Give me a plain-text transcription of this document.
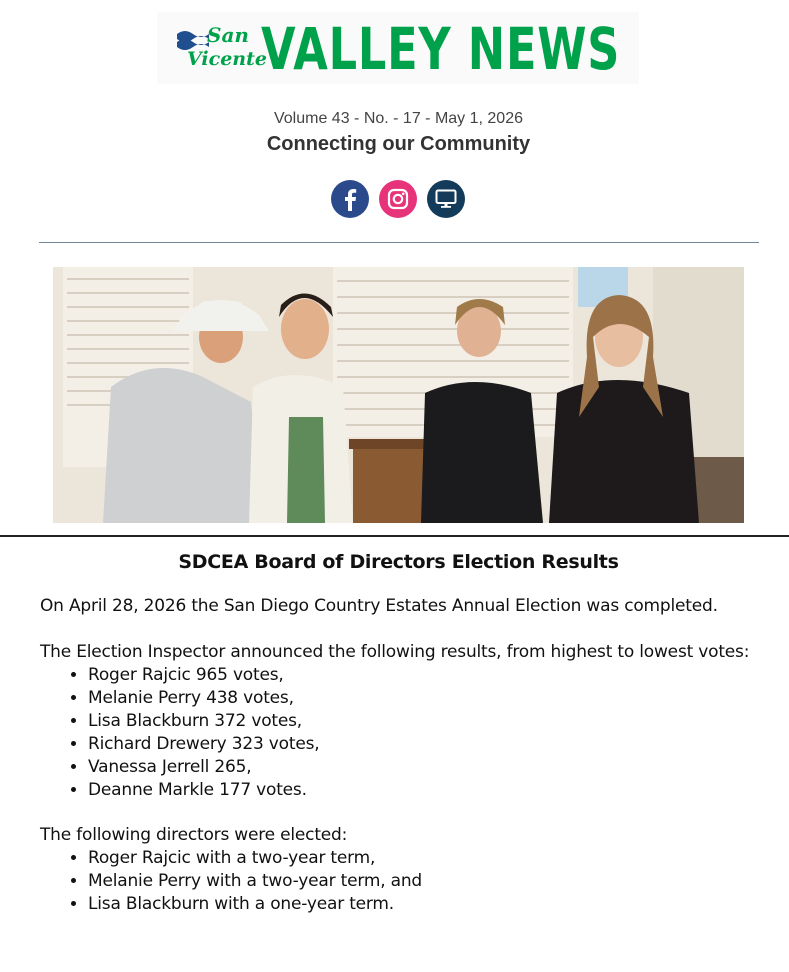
San
Vicente
VALLEY NEWS
Volume 43 - No. - 17 - May 1, 2026
Connecting our Community
SDCEA Board of Directors Election Results

On April 28, 2026 the San Diego Country Estates Annual Election was completed.

The Election Inspector announced the following results, from highest to lowest votes:

• Roger Rajcic 965 votes,
• Melanie Perry 438 votes,
• Lisa Blackburn 372 votes,
• Richard Drewery 323 votes,
• Vanessa Jerrell 265,
• Deanne Markle 177 votes.

The following directors were elected:

• Roger Rajcic with a two-year term,
• Melanie Perry with a two-year term, and
• Lisa Blackburn with a one-year term.
